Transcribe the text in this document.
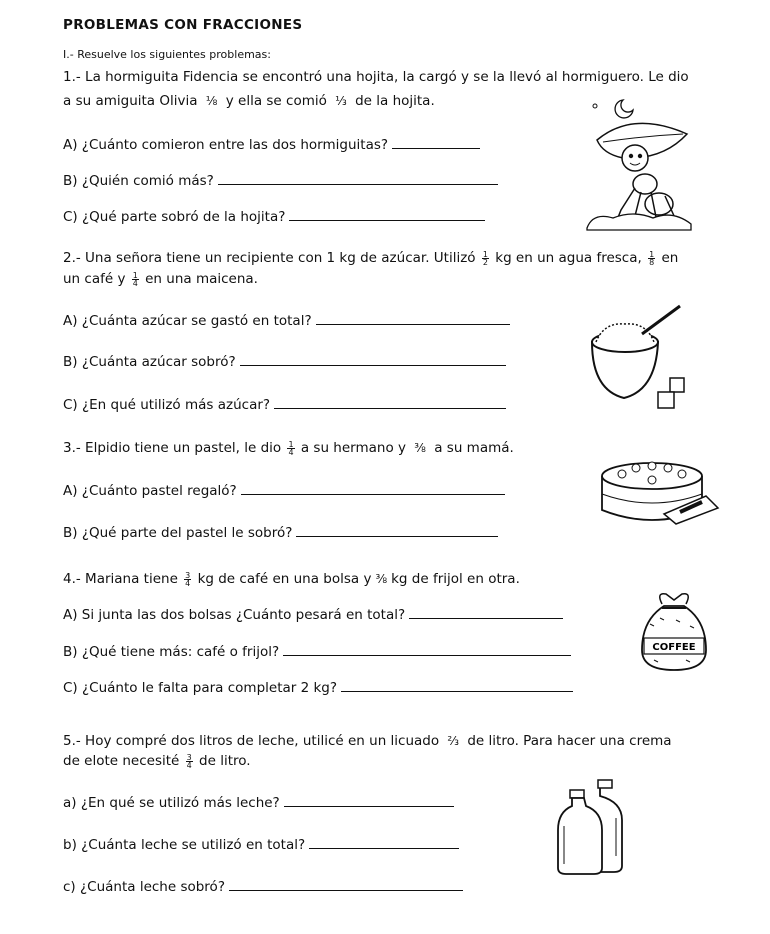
PROBLEMAS CON FRACCIONES
I.- Resuelve los siguientes problemas:
1.- La hormiguita Fidencia se encontró una hojita, la cargó y se la llevó al hormiguero. Le dio
a su amiguita Olivia ⅛ y ella se comió ⅓ de la hojita.
A) ¿Cuánto comieron entre las dos hormiguitas?
B) ¿Quién comió más?
C) ¿Qué parte sobró de la hojita?
2.- Una señora tiene un recipiente con 1 kg de azúcar. Utilizó $\frac{1}{2}$ kg en un agua fresca, $\frac{1}{8}$ en
un café y $\frac{1}{4}$ en una maicena.
A) ¿Cuánta azúcar se gastó en total?
B) ¿Cuánta azúcar sobró?
C) ¿En qué utilizó más azúcar?
3.- Elpidio tiene un pastel, le dio $\frac{1}{4}$ a su hermano y ⅜ a su mamá.
A) ¿Cuánto pastel regaló?
B) ¿Qué parte del pastel le sobró?
4.- Mariana tiene $\frac{3}{4}$ kg de café en una bolsa y ⅜ kg de frijol en otra.
A) Si junta las dos bolsas ¿Cuánto pesará en total?
B) ¿Qué tiene más: café o frijol?
C) ¿Cuánto le falta para completar 2 kg?
COFFEE
5.- Hoy compré dos litros de leche, utilicé en un licuado ⅔ de litro. Para hacer una crema
de elote necesité $\frac{3}{4}$ de litro.
a) ¿En qué se utilizó más leche?
b) ¿Cuánta leche se utilizó en total?
c) ¿Cuánta leche sobró?
